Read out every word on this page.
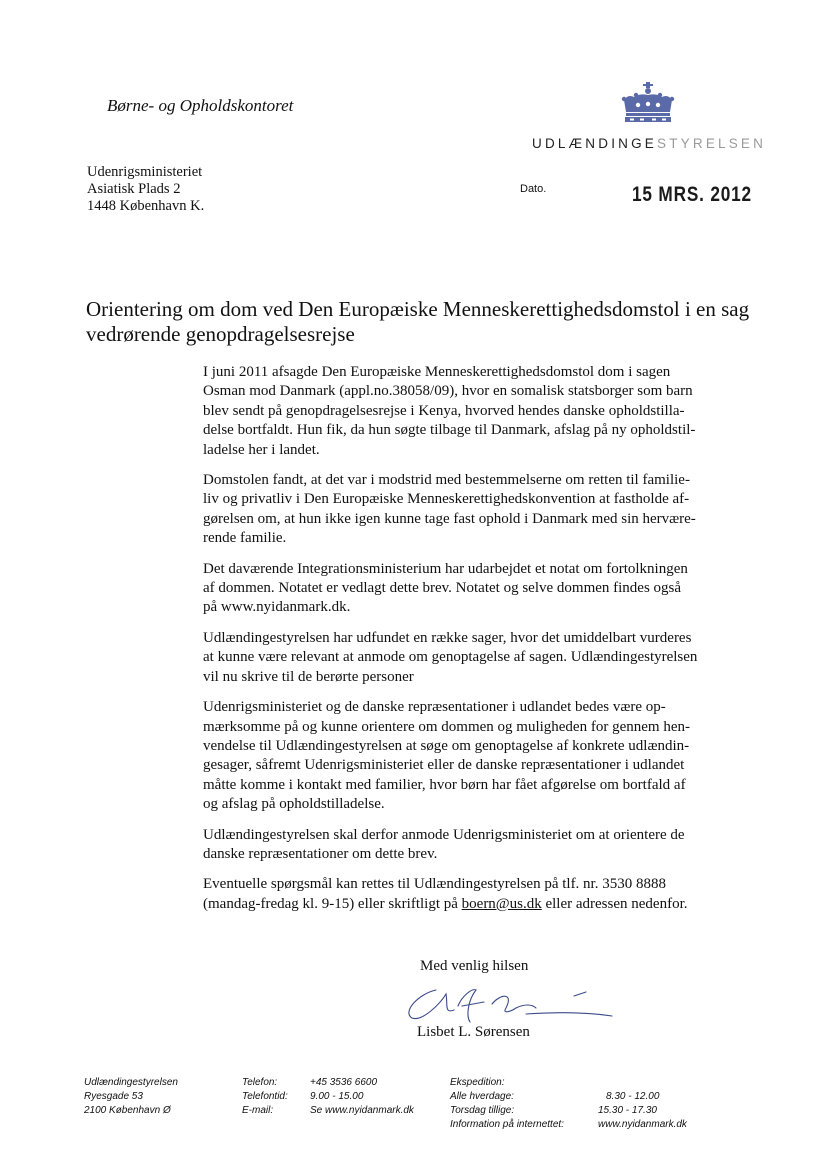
Børne- og Opholdskontoret
UDLÆNDINGESTYRELSEN
Udenrigsministeriet
Asiatisk Plads 2
1448 København K.
Dato.	15 MRS. 2012
Orientering om dom ved Den Europæiske Menneskerettighedsdomstol i en sag vedrørende genopdragelsesrejse

I juni 2011 afsagde Den Europæiske Menneskerettighedsdomstol dom i sagen
Osman mod Danmark (appl.no.38058/09), hvor en somalisk statsborger som barn
blev sendt på genopdragelsesrejse i Kenya, hvorved hendes danske opholdstilla-
delse bortfaldt. Hun fik, da hun søgte tilbage til Danmark, afslag på ny opholdstil-
ladelse her i landet.

Domstolen fandt, at det var i modstrid med bestemmelserne om retten til familie-
liv og privatliv i Den Europæiske Menneskerettighedskonvention at fastholde af-
gørelsen om, at hun ikke igen kunne tage fast ophold i Danmark med sin hervære-
rende familie.

Det daværende Integrationsministerium har udarbejdet et notat om fortolkningen
af dommen. Notatet er vedlagt dette brev. Notatet og selve dommen findes også
på www.nyidanmark.dk.

Udlændingestyrelsen har udfundet en række sager, hvor det umiddelbart vurderes
at kunne være relevant at anmode om genoptagelse af sagen. Udlændingestyrelsen
vil nu skrive til de berørte personer

Udenrigsministeriet og de danske repræsentationer i udlandet bedes være op-
mærksomme på og kunne orientere om dommen og muligheden for gennem hen-
vendelse til Udlændingestyrelsen at søge om genoptagelse af konkrete udlændin-
gesager, såfremt Udenrigsministeriet eller de danske repræsentationer i udlandet
måtte komme i kontakt med familier, hvor børn har fået afgørelse om bortfald af
og afslag på opholdstilladelse.

Udlændingestyrelsen skal derfor anmode Udenrigsministeriet om at orientere de
danske repræsentationer om dette brev.

Eventuelle spørgsmål kan rettes til Udlændingestyrelsen på tlf. nr. 3530 8888
(mandag-fredag kl. 9-15) eller skriftligt på boern@us.dk eller adressen nedenfor.

Med venlig hilsen
Lisbet L. Sørensen
Udlændingestyrelsen
Ryesgade 53
2100 København Ø
Telefon:
Telefontid:
E-mail:
+45 3536 6600
9.00 - 15.00
Se www.nyidanmark.dk
Ekspedition:
Alle hverdage:
Torsdag tillige:
Information på internettet:
8.30 - 12.00
15.30 - 17.30
www.nyidanmark.dk
